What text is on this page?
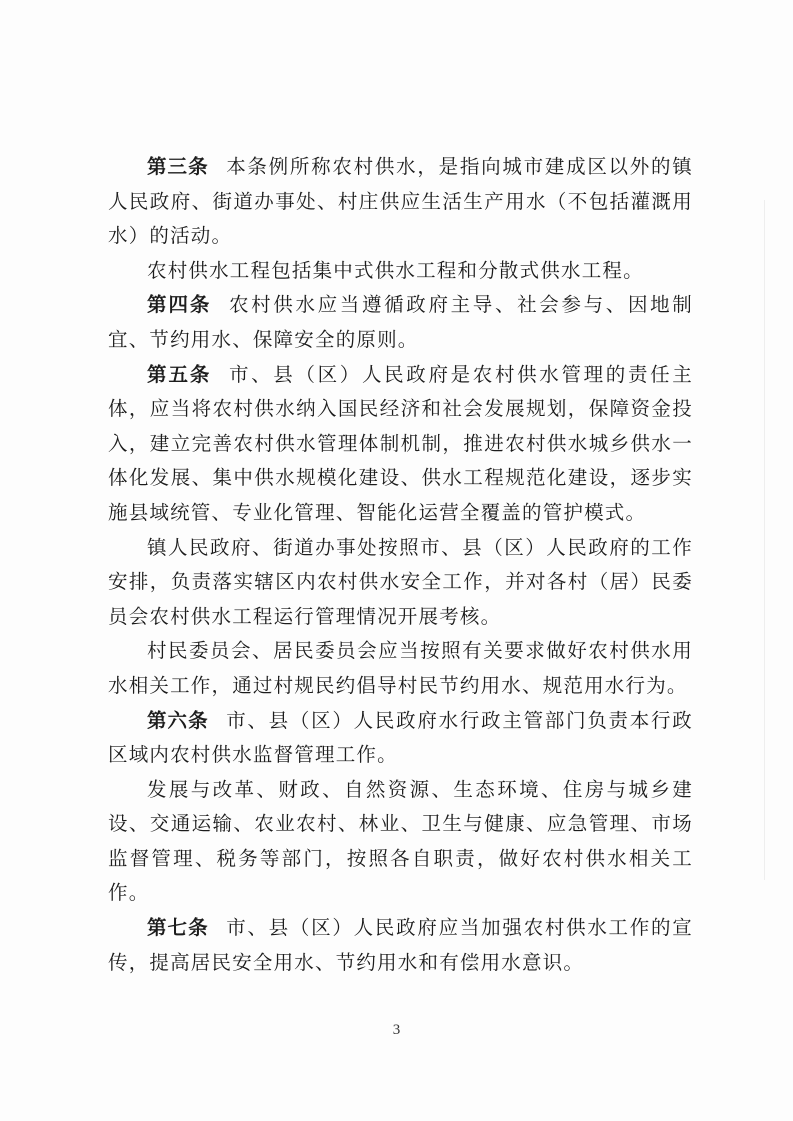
第三条 本条例所称农村供水，是指向城市建成区以外的镇人民政府、街道办事处、村庄供应生活生产用水（不包括灌溉用水）的活动。

农村供水工程包括集中式供水工程和分散式供水工程。

第四条 农村供水应当遵循政府主导、社会参与、因地制宜、节约用水、保障安全的原则。

第五条 市、县（区）人民政府是农村供水管理的责任主体，应当将农村供水纳入国民经济和社会发展规划，保障资金投入，建立完善农村供水管理体制机制，推进农村供水城乡供水一体化发展、集中供水规模化建设、供水工程规范化建设，逐步实施县域统管、专业化管理、智能化运营全覆盖的管护模式。

镇人民政府、街道办事处按照市、县（区）人民政府的工作安排，负责落实辖区内农村供水安全工作，并对各村（居）民委员会农村供水工程运行管理情况开展考核。

村民委员会、居民委员会应当按照有关要求做好农村供水用水相关工作，通过村规民约倡导村民节约用水、规范用水行为。

第六条 市、县（区）人民政府水行政主管部门负责本行政区域内农村供水监督管理工作。

发展与改革、财政、自然资源、生态环境、住房与城乡建设、交通运输、农业农村、林业、卫生与健康、应急管理、市场监督管理、税务等部门，按照各自职责，做好农村供水相关工作。

第七条 市、县（区）人民政府应当加强农村供水工作的宣传，提高居民安全用水、节约用水和有偿用水意识。

3
